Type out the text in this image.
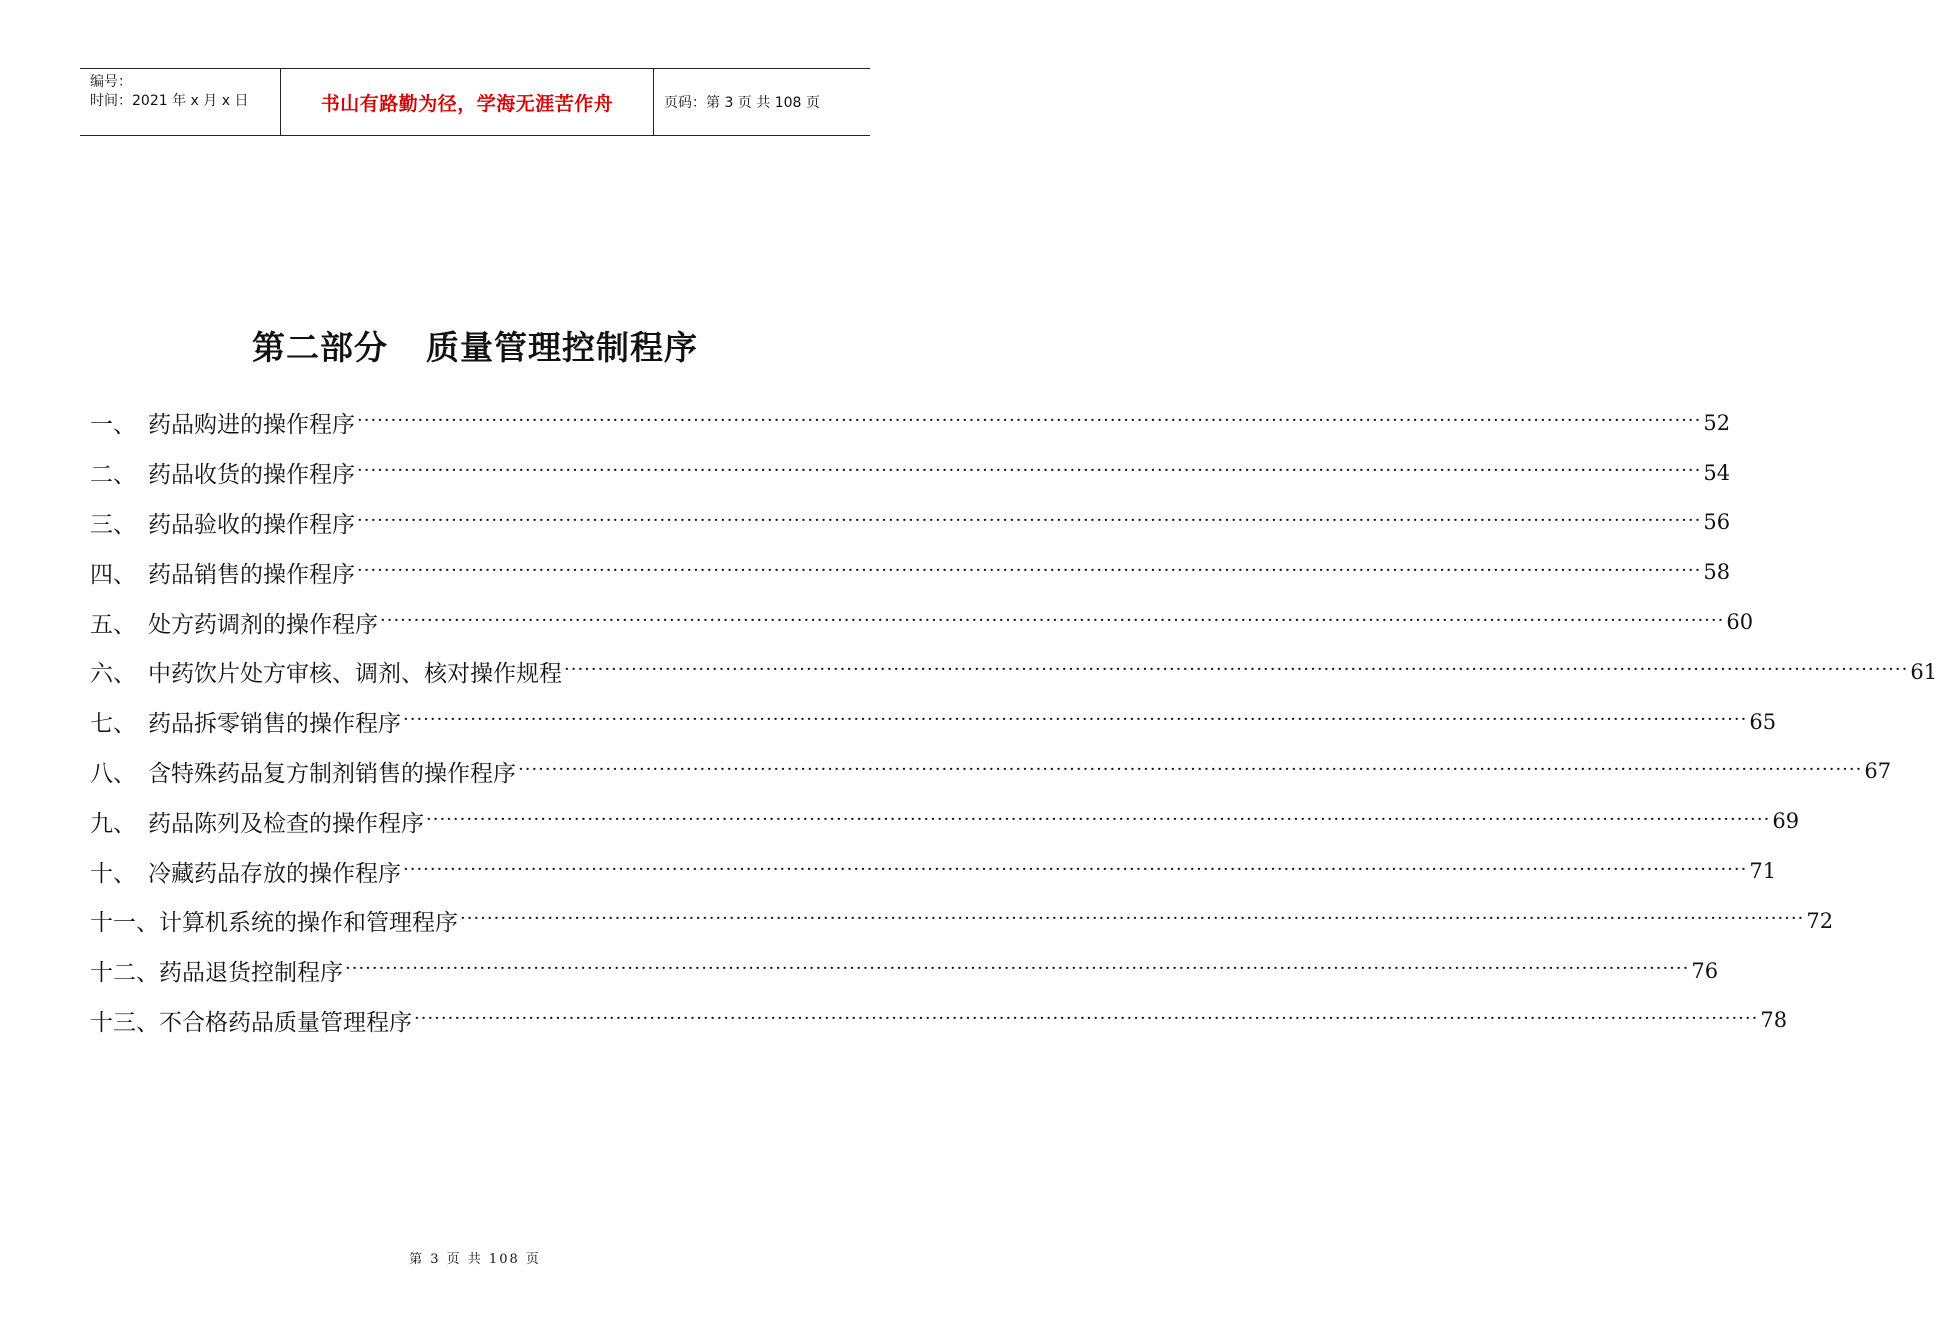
编号：
时间：2021 年 x 月 x 日	书山有路勤为径，学海无涯苦作舟	页码：第 3 页 共 108 页
第二部分 质量管理控制程序
一、 药品购进的操作程序 ········································································································································································································ 52
二、 药品收货的操作程序 ········································································································································································································ 54
三、 药品验收的操作程序 ········································································································································································································ 56
四、 药品销售的操作程序 ········································································································································································································ 58
五、 处方药调剂的操作程序 ········································································································································································································ 60
六、 中药饮片处方审核、调剂、核对操作规程 ········································································································································································································ 61
七、 药品拆零销售的操作程序 ········································································································································································································ 65
八、 含特殊药品复方制剂销售的操作程序 ········································································································································································································ 67
九、 药品陈列及检查的操作程序 ········································································································································································································ 69
十、 冷藏药品存放的操作程序 ········································································································································································································ 71
十一、 计算机系统的操作和管理程序 ········································································································································································································ 72
十二、 药品退货控制程序 ········································································································································································································ 76
十三、 不合格药品质量管理程序 ········································································································································································································ 78
第 3 页 共 108 页
